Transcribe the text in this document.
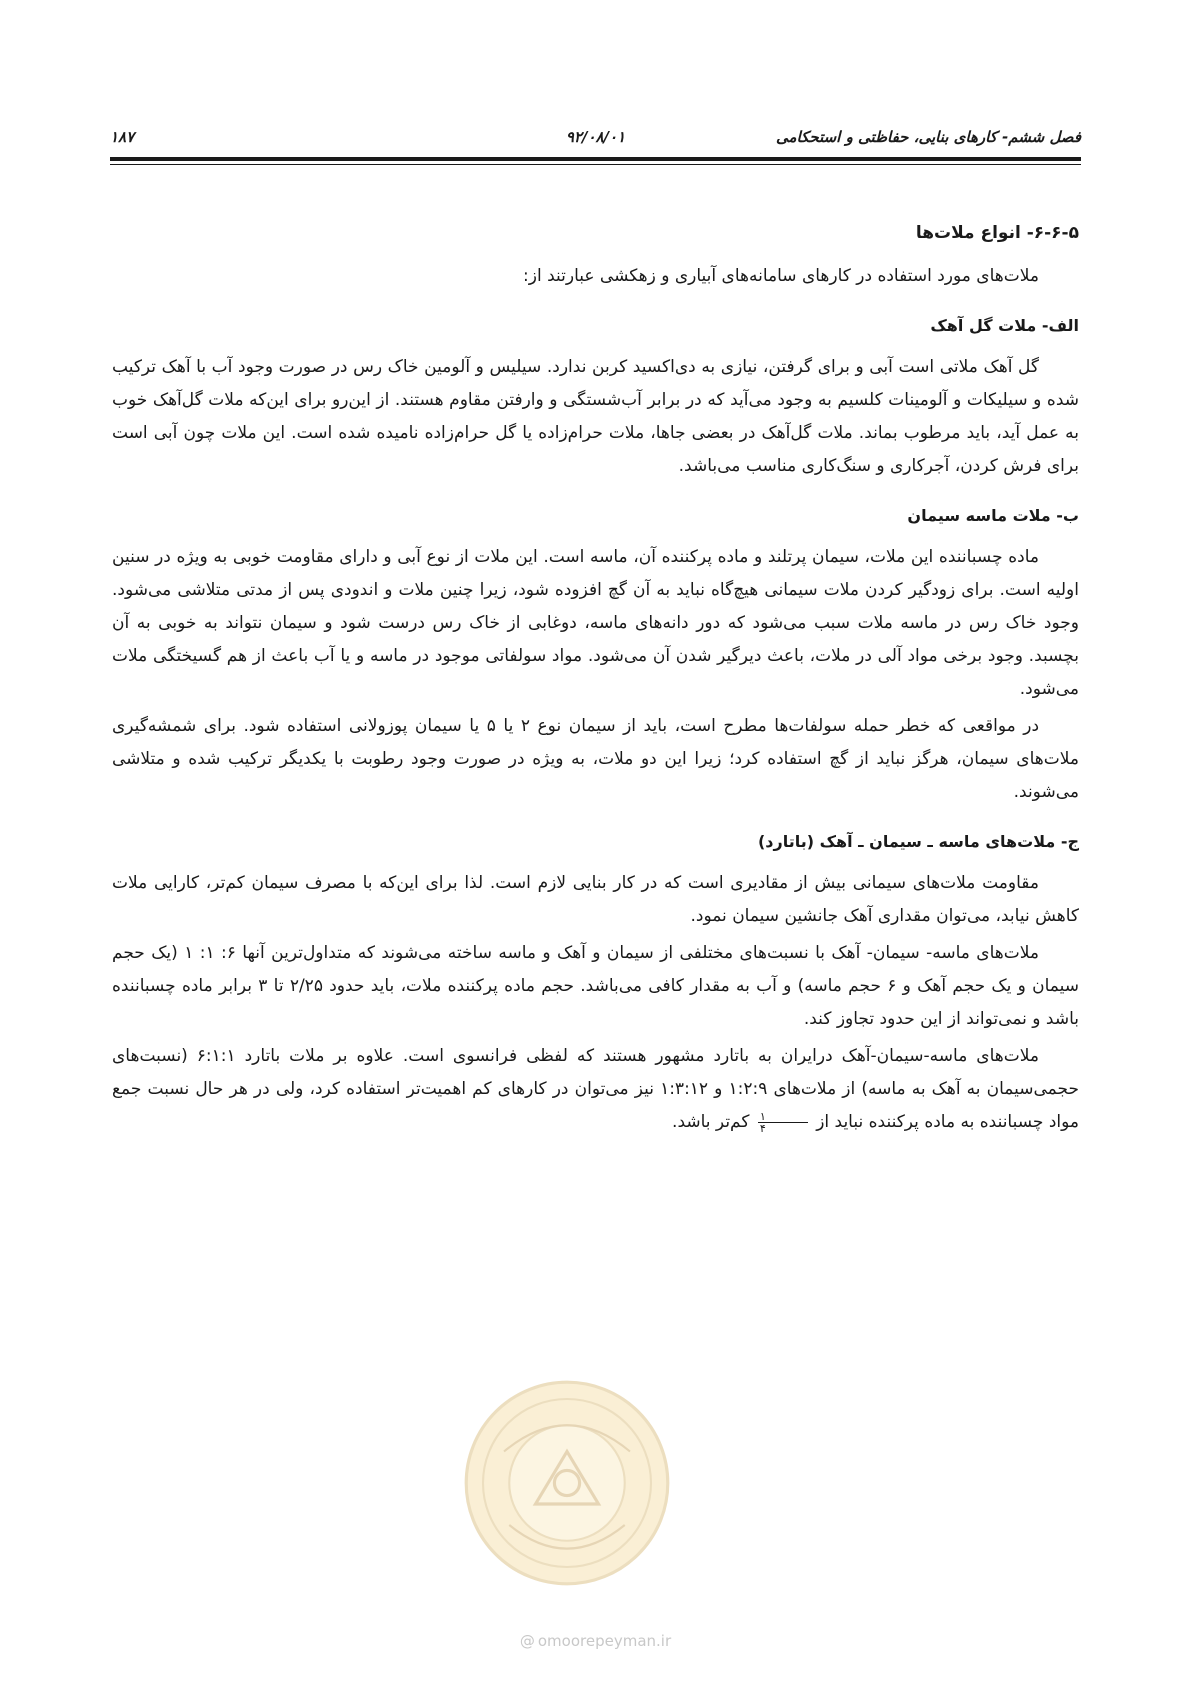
فصل ششم- کارهای بنایی، حفاظتی و استحکامی
۹۲/۰۸/۰۱
۱۸۷
۶-۶-۵- انواع ملات‌ها

ملات‌های مورد استفاده در کارهای سامانه‌های آبیاری و زهکشی عبارتند از:

الف- ملات گل آهک

گل آهک ملاتی است آبی و برای گرفتن، نیازی به دی‌اکسید کربن ندارد. سیلیس و آلومین خاک رس در صورت وجود آب با آهک ترکیب شده و سیلیکات و آلومینات کلسیم به وجود می‌آید که در برابر آب‌شستگی و وارفتن مقاوم هستند. از این‌رو برای این‌که ملات گل‌آهک خوب به عمل آید، باید مرطوب بماند. ملات گل‌آهک در بعضی جاها، ملات حرام‌زاده یا گل حرام‌زاده نامیده شده است. این ملات چون آبی است برای فرش کردن، آجرکاری و سنگ‌کاری مناسب می‌باشد.

ب- ملات ماسه سیمان

ماده چسباننده این ملات، سیمان پرتلند و ماده پرکننده آن، ماسه است. این ملات از نوع آبی و دارای مقاومت خوبی به ویژه در سنین اولیه است. برای زودگیر کردن ملات سیمانی هیچ‌گاه نباید به آن گچ افزوده شود، زیرا چنین ملات و اندودی پس از مدتی متلاشی می‌شود. وجود خاک رس در ماسه ملات سبب می‌شود که دور دانه‌های ماسه، دوغابی از خاک رس درست شود و سیمان نتواند به خوبی به آن بچسبد. وجود برخی مواد آلی در ملات، باعث دیرگیر شدن آن می‌شود. مواد سولفاتی موجود در ماسه و یا آب باعث از هم گسیختگی ملات می‌شود.

در مواقعی که خطر حمله سولفات‌ها مطرح است، باید از سیمان نوع ۲ یا ۵ یا سیمان پوزولانی استفاده شود. برای شمشه‌گیری ملات‌های سیمان، هرگز نباید از گچ استفاده کرد؛ زیرا این دو ملات، به ویژه در صورت وجود رطوبت با یکدیگر ترکیب شده و متلاشی می‌شوند.

ج- ملات‌های ماسه ـ سیمان ـ آهک (باتارد)

مقاومت ملات‌های سیمانی بیش از مقادیری است که در کار بنایی لازم است. لذا برای این‌که با مصرف سیمان کم‌تر، کارایی ملات کاهش نیابد، می‌توان مقداری آهک جانشین سیمان نمود.

ملات‌های ماسه- سیمان- آهک با نسبت‌های مختلفی از سیمان و آهک و ماسه ساخته می‌شوند که متداول‌ترین آنها ۶: ۱: ۱ (یک حجم سیمان و یک حجم آهک و ۶ حجم ماسه) و آب به مقدار کافی می‌باشد. حجم ماده پرکننده ملات، باید حدود ۲/۲۵ تا ۳ برابر ماده چسباننده باشد و نمی‌تواند از این حدود تجاوز کند.

ملات‌های ماسه-سیمان-آهک درایران به باتارد مشهور هستند که لفظی فرانسوی است. علاوه بر ملات باتارد ۶:۱:۱ (نسبت‌های حجمی‌سیمان به آهک به ماسه) از ملات‌های ۱:۲:۹ و ۱:۳:۱۲ نیز می‌توان در کارهای کم اهمیت‌تر استفاده کرد، ولی در هر حال نسبت جمع مواد چسباننده به ماده پرکننده نباید از
$\frac{۱}{۴}$
کم‌تر باشد.

@ omoorepeyman.ir
